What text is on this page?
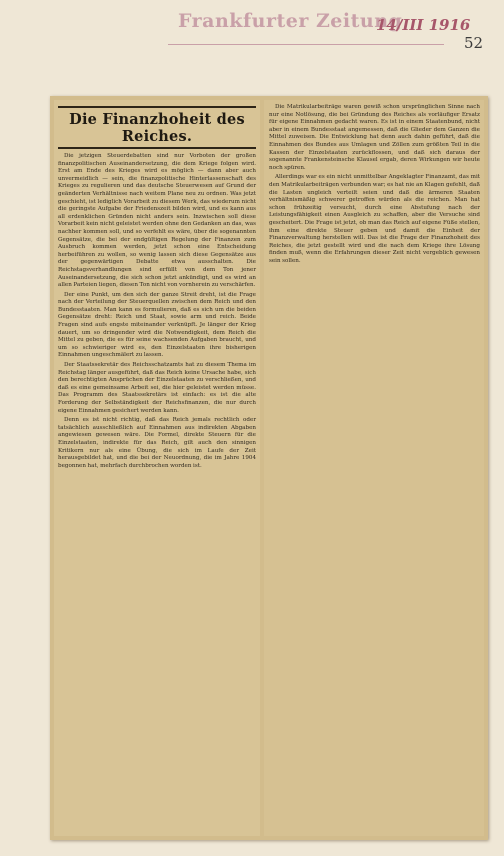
Frankfurter Zeitung
14/III 1916
52
Die Finanzhoheit des Reiches.

Die jetzigen Steuerdebatten sind nur Vorboten der großen finanzpolitischen Auseinandersetzung, die dem Kriege folgen wird. Erst am Ende des Krieges wird es möglich — dann aber auch unvermeidlich — sein, die finanzpolitische Hinterlassenschaft des Krieges zu regulieren und das deutsche Steuerwesen auf Grund der geänderten Verhältnisse nach weitem Plane neu zu ordnen. Was jetzt geschieht, ist lediglich Vorarbeit zu diesem Werk, das wiederum nicht die geringste Aufgabe der Friedenszeit bilden wird, und es kann aus all erdenklichen Gründen nicht anders sein. Inzwischen soll diese Vorarbeit kein nicht geleistet werden ohne den Gedanken an das, was nachher kommen soll, und so verfehlt es wäre, über die sogenannten Gegensätze, die bei der endgültigen Regelung der Finanzen zum Ausbruch kommen werden, jetzt schon eine Entscheidung herbeiführen zu wollen, so wenig lassen sich diese Gegensätze aus der gegenwärtigen Debatte etwa ausschalten. Die Reichstagsverhandlungen sind erfüllt von dem Ton jener Auseinandersetzung, die sich schon jetzt ankündigt, und es wird an allen Parteien liegen, diesen Ton nicht von vornherein zu verschärfen.

Der eine Punkt, um den sich der ganze Streit dreht, ist die Frage nach der Verteilung der Steuerquellen zwischen dem Reich und den Bundesstaaten. Man kann es formulieren, daß es sich um die beiden Gegensätze dreht: Reich und Staat, sowie arm und reich. Beide Fragen sind aufs engste miteinander verknüpft. Je länger der Krieg dauert, um so dringender wird die Notwendigkeit, dem Reich die Mittel zu geben, die es für seine wachsenden Aufgaben braucht, und um so schwieriger wird es, den Einzelstaaten ihre bisherigen Einnahmen ungeschmälert zu lassen.

Der Staatssekretär des Reichsschatzamts hat zu diesem Thema im Reichstag länger ausgeführt, daß das Reich keine Ursache habe, sich den berechtigten Ansprüchen der Einzelstaaten zu verschließen, und daß es eine gemeinsame Arbeit sei, die hier geleistet werden müsse. Das Programm des Staatssekretärs ist einfach: es ist die alte Forderung der Selbständigkeit der Reichsfinanzen, die nur durch eigene Einnahmen gesichert werden kann.

Denn es ist nicht richtig, daß das Reich jemals rechtlich oder tatsächlich ausschließlich auf Einnahmen aus indirekten Abgaben angewiesen gewesen wäre. Die Formel, direkte Steuern für die Einzelstaaten, indirekte für das Reich, gilt auch den sinnigen Kritikern nur als eine Übung, die sich im Laufe der Zeit herausgebildet hat, und die bei der Neuordnung, die im Jahre 1904 begonnen hat, mehrfach durchbrochen worden ist.

Die Matrikularbeiträge waren gewiß schon ursprünglichen Sinne nach nur eine Notlösung, die bei Gründung des Reiches als vorläufiger Ersatz für eigene Einnahmen gedacht waren. Es ist in einem Staatenbund, nicht aber in einem Bundesstaat angemessen, daß die Glieder dem Ganzen die Mittel zuweisen. Die Entwicklung hat denn auch dahin geführt, daß die Einnahmen des Bundes aus Umlagen und Zöllen zum größten Teil in die Kassen der Einzelstaaten zurückflossen, und daß sich daraus der sogenannte Frankensteinsche Klausel ergab, deren Wirkungen wir heute noch spüren.

Allerdings war es ein nicht unmittelbar Angeklagter Finanzamt, das mit den Matrikularbeiträgen verbunden war; es hat nie an Klagen gefehlt, daß die Lasten ungleich verteilt seien und daß die ärmeren Staaten verhältnismäßig schwerer getroffen würden als die reichen. Man hat schon frühzeitig versucht, durch eine Abstufung nach der Leistungsfähigkeit einen Ausgleich zu schaffen, aber die Versuche sind gescheitert. Die Frage ist jetzt, ob man das Reich auf eigene Füße stellen, ihm eine direkte Steuer geben und damit die Einheit der Finanzverwaltung herstellen will. Das ist die Frage der Finanzhoheit des Reiches, die jetzt gestellt wird und die nach dem Kriege ihre Lösung finden muß, wenn die Erfahrungen dieser Zeit nicht vergeblich gewesen sein sollen.
